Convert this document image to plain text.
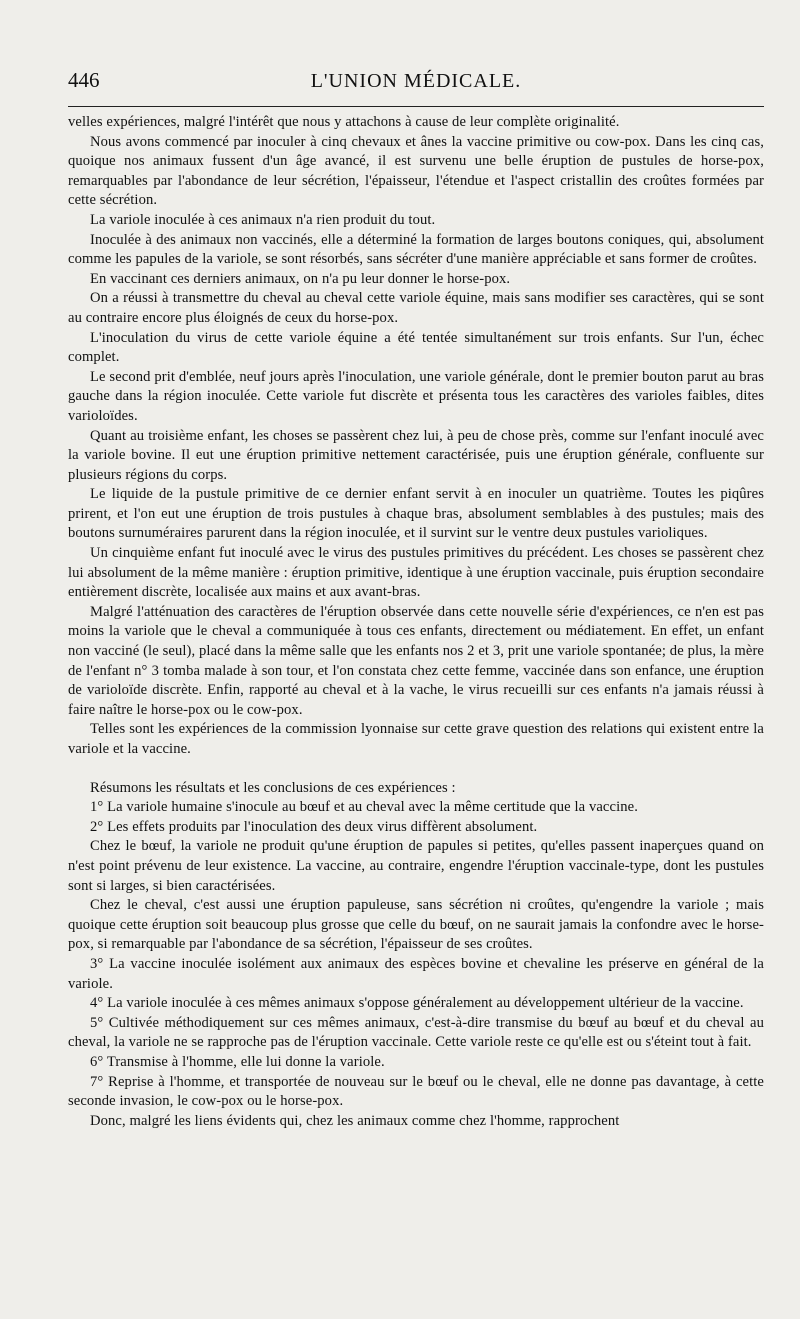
446	L'UNION MÉDICALE.

velles expériences, malgré l'intérêt que nous y attachons à cause de leur complète originalité.

Nous avons commencé par inoculer à cinq chevaux et ânes la vaccine primitive ou cow-pox. Dans les cinq cas, quoique nos animaux fussent d'un âge avancé, il est survenu une belle éruption de pustules de horse-pox, remarquables par l'abondance de leur sécrétion, l'épaisseur, l'étendue et l'aspect cristallin des croûtes formées par cette sécrétion.

La variole inoculée à ces animaux n'a rien produit du tout.

Inoculée à des animaux non vaccinés, elle a déterminé la formation de larges boutons coniques, qui, absolument comme les papules de la variole, se sont résorbés, sans sécréter d'une manière appréciable et sans former de croûtes.

En vaccinant ces derniers animaux, on n'a pu leur donner le horse-pox.

On a réussi à transmettre du cheval au cheval cette variole équine, mais sans modifier ses caractères, qui se sont au contraire encore plus éloignés de ceux du horse-pox.

L'inoculation du virus de cette variole équine a été tentée simultanément sur trois enfants. Sur l'un, échec complet.

Le second prit d'emblée, neuf jours après l'inoculation, une variole générale, dont le premier bouton parut au bras gauche dans la région inoculée. Cette variole fut discrète et présenta tous les caractères des varioles faibles, dites varioloïdes.

Quant au troisième enfant, les choses se passèrent chez lui, à peu de chose près, comme sur l'enfant inoculé avec la variole bovine. Il eut une éruption primitive nettement caractérisée, puis une éruption générale, confluente sur plusieurs régions du corps.

Le liquide de la pustule primitive de ce dernier enfant servit à en inoculer un quatrième. Toutes les piqûres prirent, et l'on eut une éruption de trois pustules à chaque bras, absolument semblables à des pustules; mais des boutons surnuméraires parurent dans la région inoculée, et il survint sur le ventre deux pustules varioliques.

Un cinquième enfant fut inoculé avec le virus des pustules primitives du précédent. Les choses se passèrent chez lui absolument de la même manière : éruption primitive, identique à une éruption vaccinale, puis éruption secondaire entièrement discrète, localisée aux mains et aux avant-bras.

Malgré l'atténuation des caractères de l'éruption observée dans cette nouvelle série d'expériences, ce n'en est pas moins la variole que le cheval a communiquée à tous ces enfants, directement ou médiatement. En effet, un enfant non vacciné (le seul), placé dans la même salle que les enfants nos 2 et 3, prit une variole spontanée; de plus, la mère de l'enfant n° 3 tomba malade à son tour, et l'on constata chez cette femme, vaccinée dans son enfance, une éruption de varioloïde discrète. Enfin, rapporté au cheval et à la vache, le virus recueilli sur ces enfants n'a jamais réussi à faire naître le horse-pox ou le cow-pox.

Telles sont les expériences de la commission lyonnaise sur cette grave question des relations qui existent entre la variole et la vaccine.

Résumons les résultats et les conclusions de ces expériences :

1° La variole humaine s'inocule au bœuf et au cheval avec la même certitude que la vaccine.

2° Les effets produits par l'inoculation des deux virus diffèrent absolument.

Chez le bœuf, la variole ne produit qu'une éruption de papules si petites, qu'elles passent inaperçues quand on n'est point prévenu de leur existence. La vaccine, au contraire, engendre l'éruption vaccinale-type, dont les pustules sont si larges, si bien caractérisées.

Chez le cheval, c'est aussi une éruption papuleuse, sans sécrétion ni croûtes, qu'engendre la variole ; mais quoique cette éruption soit beaucoup plus grosse que celle du bœuf, on ne saurait jamais la confondre avec le horse-pox, si remarquable par l'abondance de sa sécrétion, l'épaisseur de ses croûtes.

3° La vaccine inoculée isolément aux animaux des espèces bovine et chevaline les préserve en général de la variole.

4° La variole inoculée à ces mêmes animaux s'oppose généralement au développement ultérieur de la vaccine.

5° Cultivée méthodiquement sur ces mêmes animaux, c'est-à-dire transmise du bœuf au bœuf et du cheval au cheval, la variole ne se rapproche pas de l'éruption vaccinale. Cette variole reste ce qu'elle est ou s'éteint tout à fait.

6° Transmise à l'homme, elle lui donne la variole.

7° Reprise à l'homme, et transportée de nouveau sur le bœuf ou le cheval, elle ne donne pas davantage, à cette seconde invasion, le cow-pox ou le horse-pox.

Donc, malgré les liens évidents qui, chez les animaux comme chez l'homme, rapprochent
